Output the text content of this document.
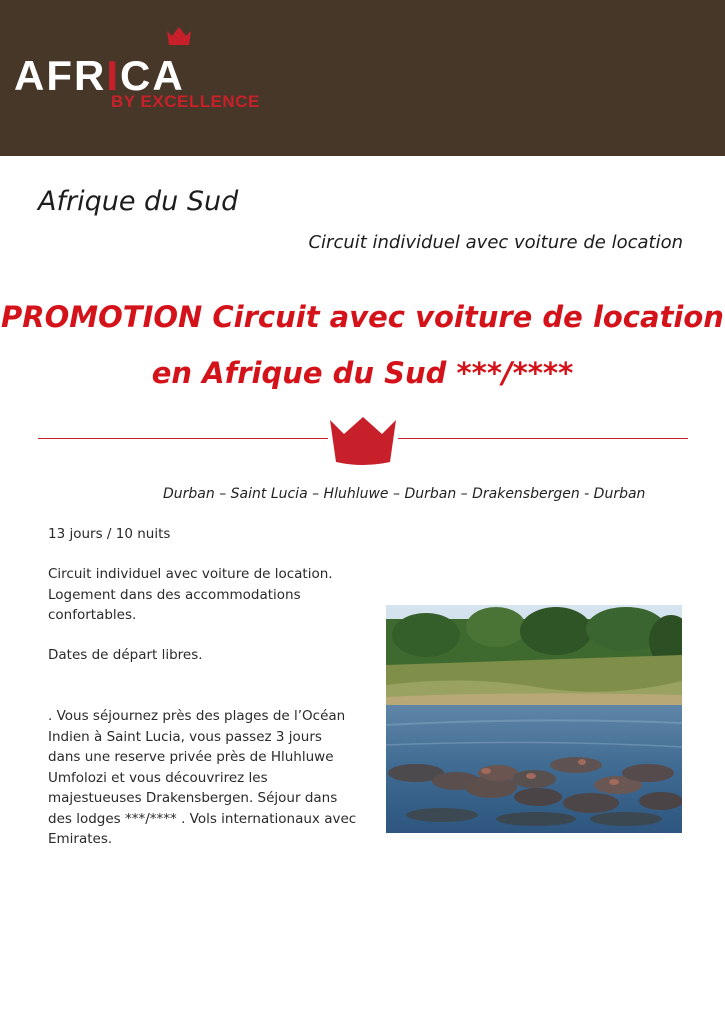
AFRICA
BY EXCELLENCE
Afrique du Sud
Circuit individuel avec voiture de location
PROMOTION Circuit avec voiture de location
en Afrique du Sud ***/****
Durban – Saint Lucia – Hluhluwe – Durban – Drakensbergen - Durban
13 jours / 10 nuits
Circuit individuel avec voiture de location. Logement dans des accommodations confortables.
Dates de départ libres.
. Vous séjournez près des plages de l’Océan Indien à Saint Lucia, vous passez 3 jours dans une reserve privée près de Hluhluwe Umfolozi et vous découvrirez les majestueuses Drakensbergen. Séjour dans des lodges ***/**** . Vols internationaux avec Emirates.
